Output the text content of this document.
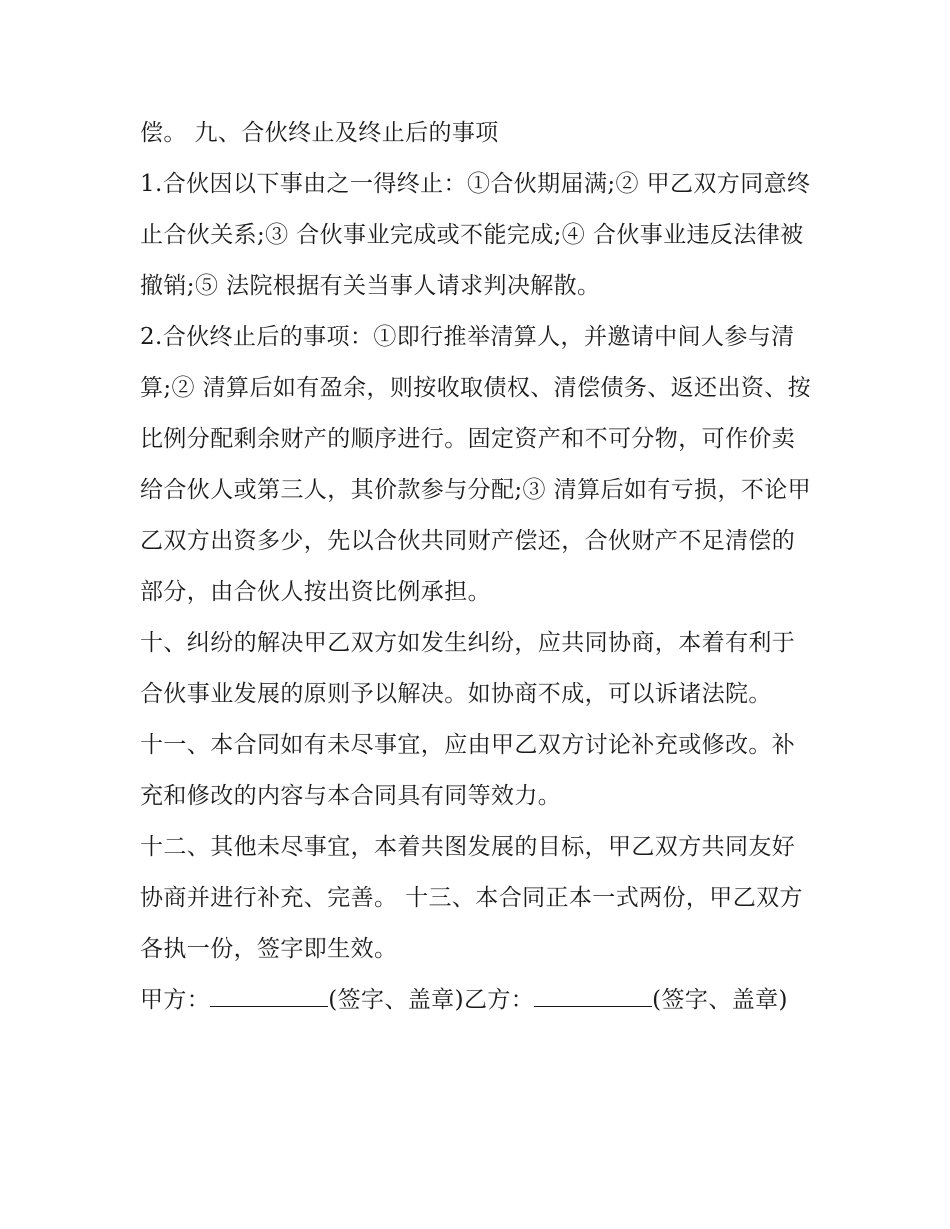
偿。 九、合伙终止及终止后的事项

1.合伙因以下事由之一得终止：①合伙期届满;② 甲乙双方同意终止合伙关系;③ 合伙事业完成或不能完成;④ 合伙事业违反法律被撤销;⑤ 法院根据有关当事人请求判决解散。

2.合伙终止后的事项：①即行推举清算人，并邀请中间人参与清算;② 清算后如有盈余，则按收取债权、清偿债务、返还出资、按比例分配剩余财产的顺序进行。固定资产和不可分物，可作价卖给合伙人或第三人，其价款参与分配;③ 清算后如有亏损，不论甲乙双方出资多少，先以合伙共同财产偿还，合伙财产不足清偿的部分，由合伙人按出资比例承担。

十、纠纷的解决甲乙双方如发生纠纷，应共同协商，本着有利于合伙事业发展的原则予以解决。如协商不成，可以诉诸法院。

十一、本合同如有未尽事宜，应由甲乙双方讨论补充或修改。补充和修改的内容与本合同具有同等效力。

十二、其他未尽事宜，本着共图发展的目标，甲乙双方共同友好协商并进行补充、完善。 十三、本合同正本一式两份，甲乙双方各执一份，签字即生效。

甲方：	(签字、盖章)乙方：	(签字、盖章)
